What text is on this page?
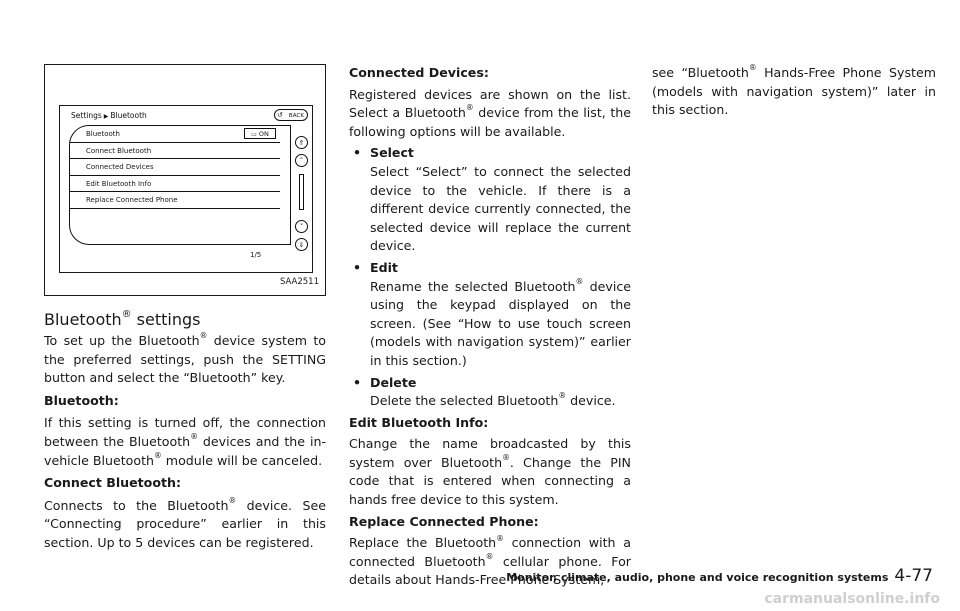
Settings ▶ Bluetooth	↺ BACK
Bluetooth	▭ ON
Connect Bluetooth
Connected Devices
Edit Bluetooth Info
Replace Connected Phone
⇑
˄
˅
⇓
1/5
SAA2511
Bluetooth® settings

To set up the Bluetooth® device system to the preferred settings, push the SETTING button and select the “Bluetooth” key.

Bluetooth:

If this setting is turned off, the connection between the Bluetooth® devices and the in-vehicle Bluetooth® module will be canceled.

Connect Bluetooth:

Connects to the Bluetooth® device. See “Connecting procedure” earlier in this section. Up to 5 devices can be registered.

Connected Devices:

Registered devices are shown on the list. Select a Bluetooth® device from the list, the following options will be available.

• Select

Select “Select” to connect the selected device to the vehicle. If there is a different device currently connected, the selected device will replace the current device.

• Edit

Rename the selected Bluetooth® device using the keypad displayed on the screen. (See “How to use touch screen (models with navigation system)” earlier in this section.)

• Delete

Delete the selected Bluetooth® device.

Edit Bluetooth Info:

Change the name broadcasted by this system over Bluetooth®. Change the PIN code that is entered when connecting a hands free device to this system.

Replace Connected Phone:

Replace the Bluetooth® connection with a connected Bluetooth® cellular phone. For details about Hands-Free Phone System,

see “Bluetooth® Hands-Free Phone System (models with navigation system)” later in this section.

Monitor, climate, audio, phone and voice recognition systems 4-77
carmanualsonline.info
